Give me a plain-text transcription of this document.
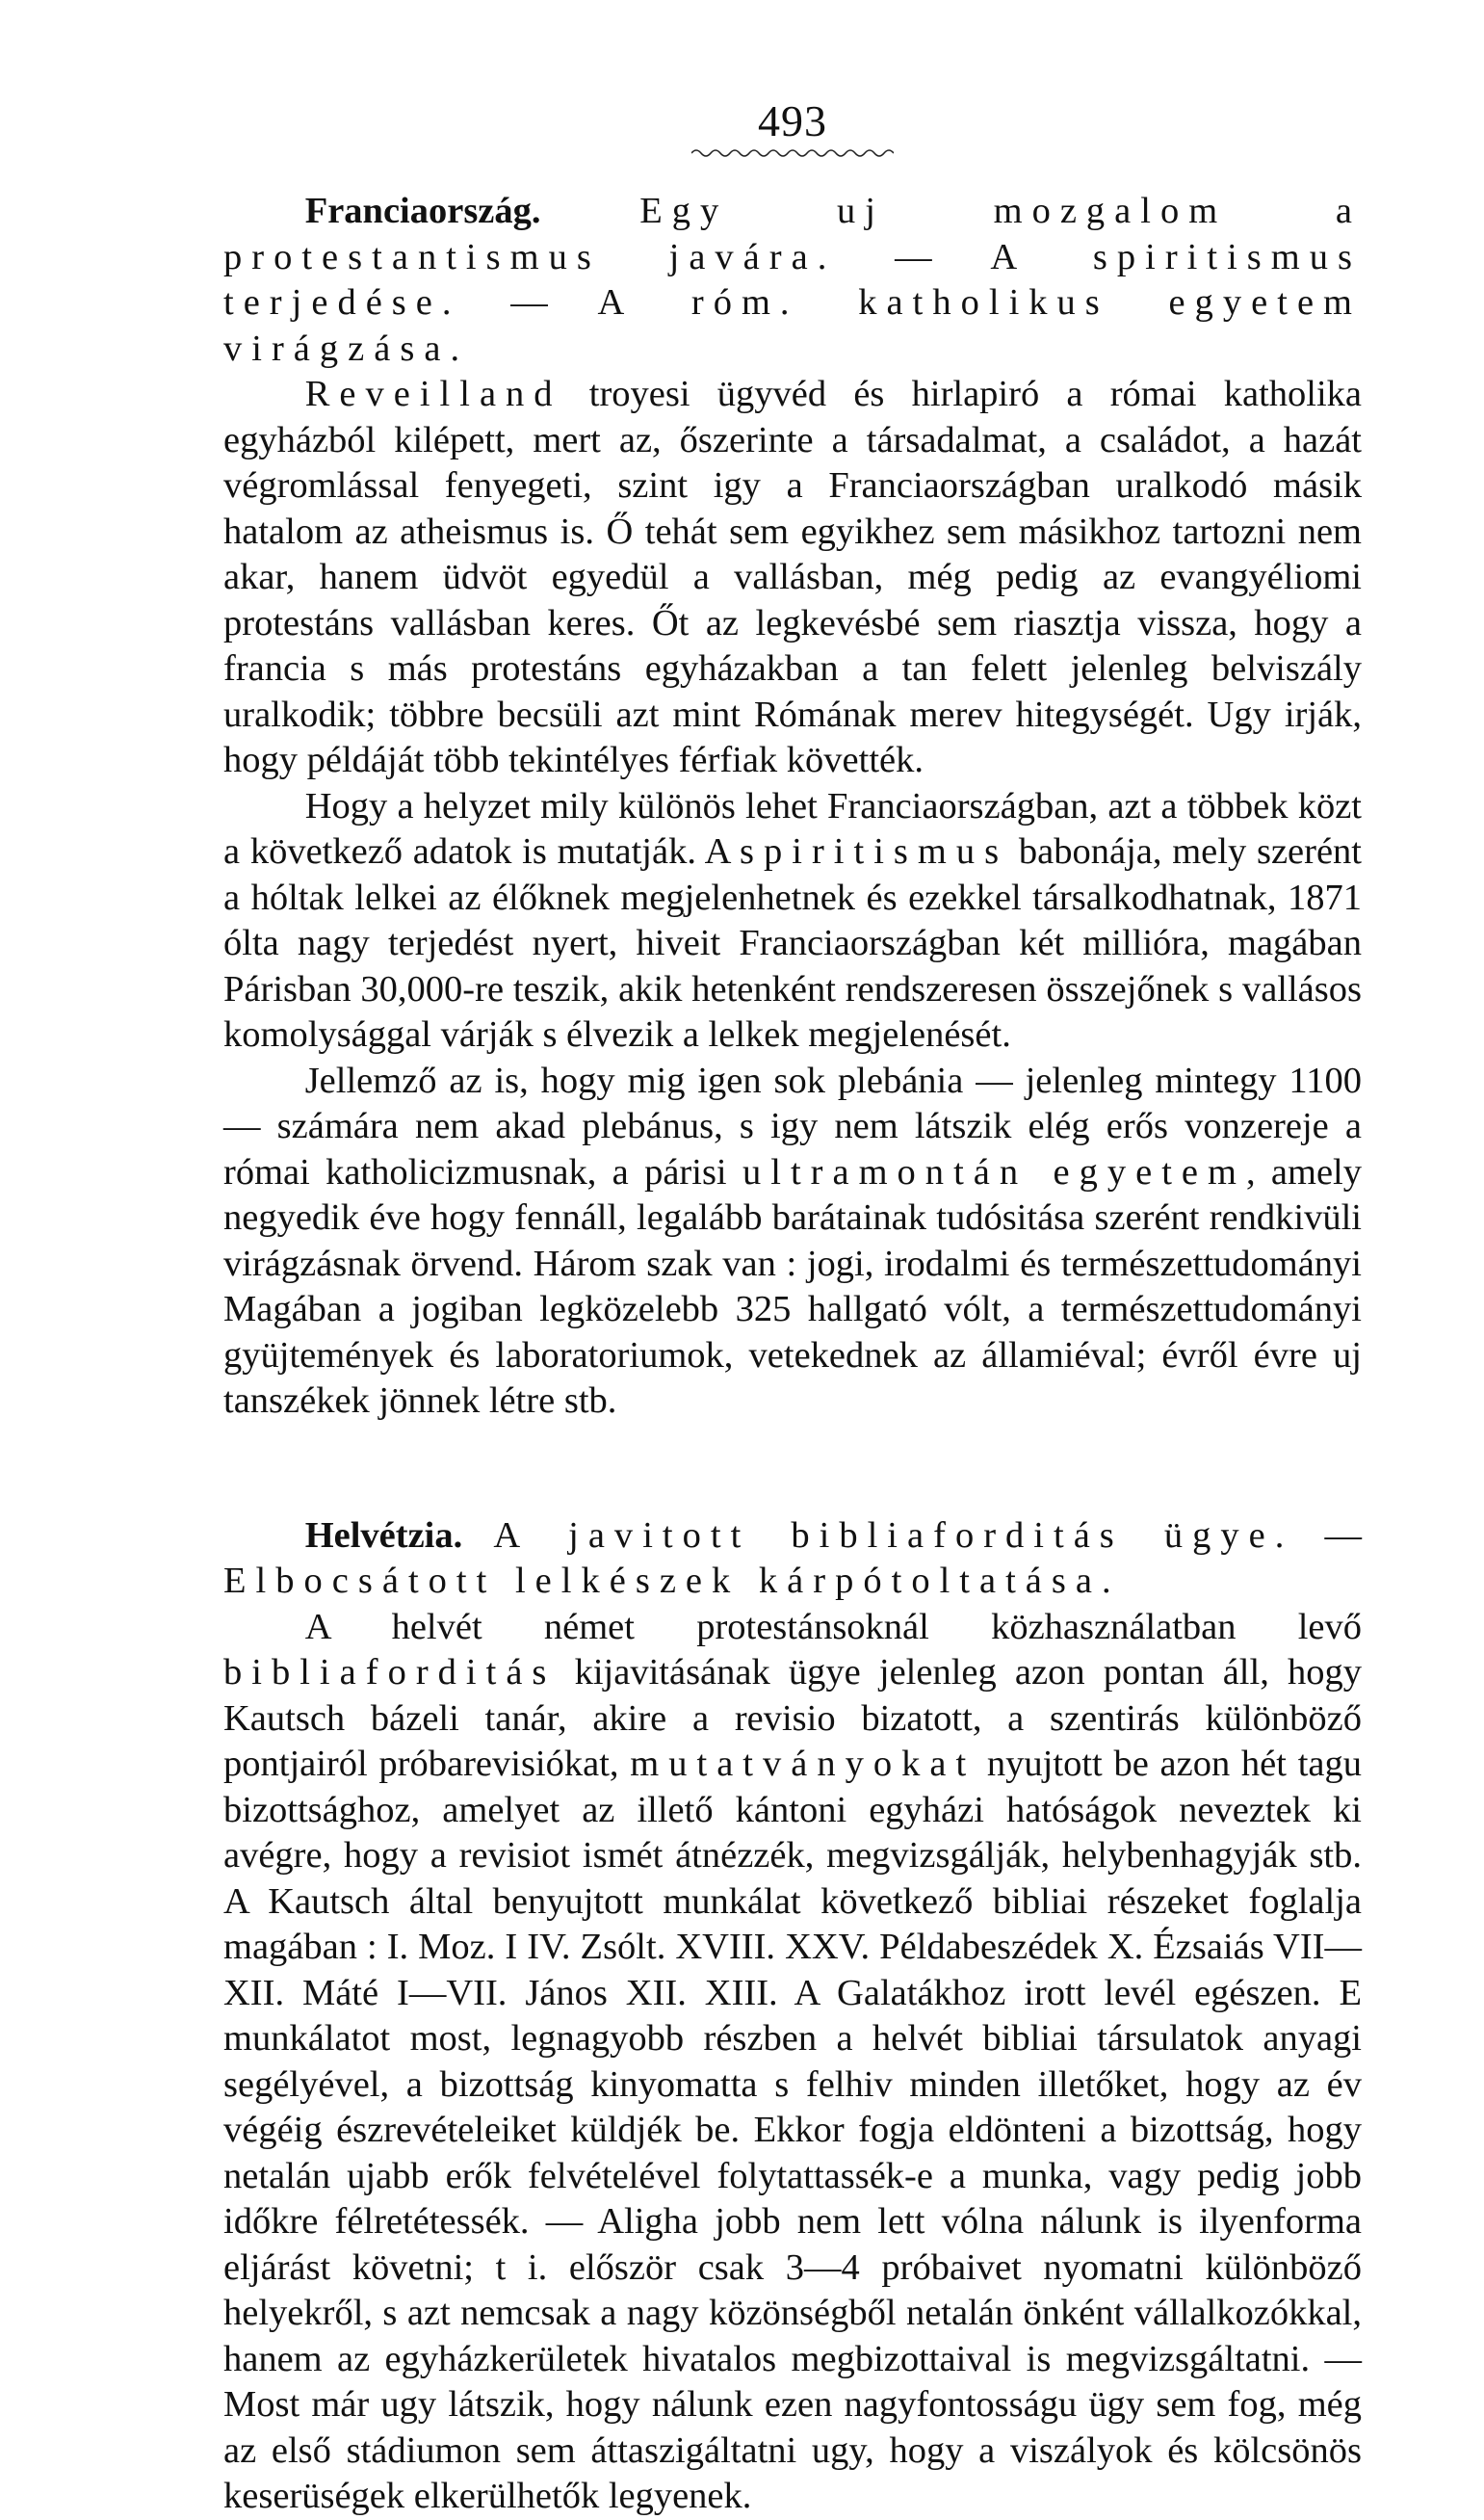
493

Franciaország.	Egy uj mozgalom a protestantismus javára. — A spiritismus terjedése. — A róm. katholikus egyetem virágzása.

Reveilland troyesi ügyvéd és hirlapiró a római katholika egyházból kilépett, mert az, őszerinte a társadalmat, a családot, a hazát végromlással fenyegeti, szint igy a Franciaországban uralkodó másik hatalom az atheismus is. Ő tehát sem egyikhez sem másikhoz tartozni nem akar, hanem üdvöt egyedül a vallásban, még pedig az evangyéliomi protestáns vallásban keres. Őt az legkevésbé sem riasztja vissza, hogy a francia s más protestáns egyházakban a tan felett jelenleg belviszály uralkodik; többre becsüli azt mint Rómának merev hitegységét. Ugy irják, hogy példáját több tekintélyes férfiak követték.

Hogy a helyzet mily különös lehet Franciaországban, azt a többek közt a következő adatok is mutatják. A spiritismus babonája, mely szerént a hóltak lelkei az élőknek megjelenhetnek és ezekkel társalkodhatnak, 1871 ólta nagy terjedést nyert, hiveit Franciaországban két millióra, magában Párisban 30,000-re teszik, akik hetenként rendszeresen összejőnek s vallásos komolysággal várják s élvezik a lelkek megjelenését.

Jellemző az is, hogy mig igen sok plebánia — jelenleg mintegy 1100 — számára nem akad plebánus, s igy nem látszik elég erős vonzereje a római katholicizmusnak, a párisi ultramontán egyetem, amely negyedik éve hogy fennáll, legalább barátainak tudósitása szerént rendkivüli virágzásnak örvend. Három szak van : jogi, irodalmi és természettudományi Magában a jogiban legközelebb 325 hallgató vólt, a természettudományi gyüjtemények és laboratoriumok, vetekednek az államiéval; évről évre uj tanszékek jönnek létre stb.

Helvétzia. A javitott bibliaforditás ügye. — Elbocsátott lelkészek kárpótoltatása.

A helvét német protestánsoknál közhasználatban levő bibliaforditás kijavitásának ügye jelenleg azon pontan áll, hogy Kautsch bázeli tanár, akire a revisio bizatott, a szentirás különböző pontjairól próbarevisiókat, mutatványokat nyujtott be azon hét tagu bizottsághoz, amelyet az illető kántoni egyházi hatóságok neveztek ki avégre, hogy a revisiot ismét átnézzék, megvizsgálják, helybenhagyják stb. A Kautsch által benyujtott munkálat következő bibliai részeket foglalja magában : I. Moz. I IV. Zsólt. XVIII. XXV. Példabeszédek X. Ézsaiás VII—XII. Máté I—VII. János XII. XIII. A Galatákhoz irott levél egészen. E munkálatot most, legnagyobb részben a helvét bibliai társulatok anyagi segélyével, a bizottság kinyomatta s felhiv minden illetőket, hogy az év végéig észrevételeiket küldjék be. Ekkor fogja eldönteni a bizottság, hogy netalán ujabb erők felvételével folytattassék-e a munka, vagy pedig jobb időkre félretétessék. — Aligha jobb nem lett vólna nálunk is ilyenforma eljárást követni; t i. először csak 3—4 próbaivet nyomatni különböző helyekről, s azt nemcsak a nagy közönségből netalán önként vállalkozókkal, hanem az egyházkerületek hivatalos megbizottaival is megvizsgáltatni. — Most már ugy látszik, hogy nálunk ezen nagyfontosságu ügy sem fog, még az első stádiumon sem áttaszigáltatni ugy, hogy a viszályok és kölcsönös keserüségek elkerülhetők legyenek.
